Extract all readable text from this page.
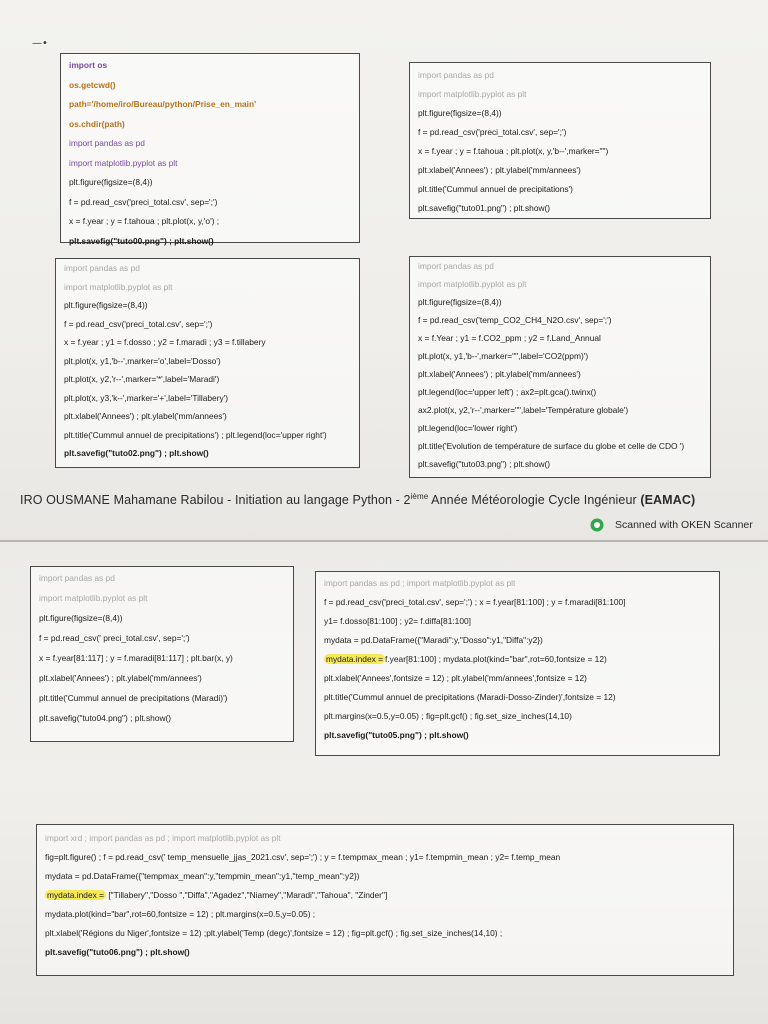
—•
import os
os.getcwd()
path='/home/iro/Bureau/python/Prise_en_main'
os.chdir(path)
import pandas as pd
import matplotlib.pyplot as plt
plt.figure(figsize=(8,4))
f = pd.read_csv('preci_total.csv', sep=';')
x = f.year ; y = f.tahoua ; plt.plot(x, y,'o') ;
plt.savefig("tuto00.png") ; plt.show()
import pandas as pd
import matplotlib.pyplot as plt
plt.figure(figsize=(8,4))
f = pd.read_csv('preci_total.csv', sep=';')
x = f.year ; y = f.tahoua ; plt.plot(x, y,'b--',marker="")
plt.xlabel('Annees') ; plt.ylabel('mm/annees')
plt.title('Cummul annuel de precipitations')
plt.savefig("tuto01.png") ; plt.show()
import pandas as pd
import matplotlib.pyplot as plt
plt.figure(figsize=(8,4))
f = pd.read_csv('preci_total.csv', sep=';')
x = f.year ; y1 = f.dosso ; y2 = f.maradi ; y3 = f.tillabery
plt.plot(x, y1,'b--',marker='o',label='Dosso')
plt.plot(x, y2,'r--',marker='*',label='Maradi')
plt.plot(x, y3,'k--',marker='+',label='Tillabery')
plt.xlabel('Annees') ; plt.ylabel('mm/annees')
plt.title('Cummul annuel de precipitations') ; plt.legend(loc='upper right')
plt.savefig("tuto02.png") ; plt.show()
import pandas as pd
import matplotlib.pyplot as plt
plt.figure(figsize=(8,4))
f = pd.read_csv('temp_CO2_CH4_N2O.csv', sep=';')
x = f.Year ; y1 = f.CO2_ppm ; y2 = f.Land_Annual
plt.plot(x, y1,'b--',marker="",label='CO2(ppm)')
plt.xlabel('Annees') ; plt.ylabel('mm/annees')
plt.legend(loc='upper left') ; ax2=plt.gca().twinx()
ax2.plot(x, y2,'r--',marker="",label='Température globale')
plt.legend(loc='lower right')
plt.title('Evolution de température de surface du globe et celle de CDO ')
plt.savefig("tuto03.png") ; plt.show()
IRO OUSMANE Mahamane Rabilou - Initiation au langage Python - 2ième Année Météorologie Cycle Ingénieur (EAMAC)
Scanned with OKEN Scanner
import pandas as pd
import matplotlib.pyplot as plt
plt.figure(figsize=(8,4))
f = pd.read_csv(' preci_total.csv', sep=';')
x = f.year[81:117] ; y = f.maradi[81:117] ; plt.bar(x, y)
plt.xlabel('Annees') ; plt.ylabel('mm/annees')
plt.title('Cummul annuel de precipitations (Maradi)')
plt.savefig("tuto04.png") ; plt.show()
import pandas as pd ; import matplotlib.pyplot as plt
f = pd.read_csv('preci_total.csv', sep=';') ; x = f.year[81:100] ; y = f.maradi[81:100]
y1= f.dosso[81:100] ; y2= f.diffa[81:100]
mydata = pd.DataFrame({"Maradi":y,"Dosso":y1,"Diffa":y2})
mydata.index = f.year[81:100] ; mydata.plot(kind="bar",rot=60,fontsize = 12)
plt.xlabel('Annees',fontsize = 12) ; plt.ylabel('mm/annees',fontsize = 12)
plt.title('Cummul annuel de precipitations (Maradi-Dosso-Zinder)',fontsize = 12)
plt.margins(x=0.5,y=0.05) ; fig=plt.gcf() ; fig.set_size_inches(14,10)
plt.savefig("tuto05.png") ; plt.show()
import xrd ; import pandas as pd ; import matplotlib.pyplot as plt
fig=plt.figure() ; f = pd.read_csv(' temp_mensuelle_jjas_2021.csv', sep=';') ; y = f.tempmax_mean ; y1= f.tempmin_mean ; y2= f.temp_mean
mydata = pd.DataFrame({"tempmax_mean":y,"tempmin_mean":y1,"temp_mean":y2})
mydata.index = ["Tillabery","Dosso ","Diffa","Agadez","Niamey","Maradi","Tahoua", "Zinder"]
mydata.plot(kind="bar",rot=60,fontsize = 12) ; plt.margins(x=0.5,y=0.05) ;
plt.xlabel('Régions du Niger',fontsize = 12) ;plt.ylabel('Temp (degc)',fontsize = 12) ; fig=plt.gcf() ; fig.set_size_inches(14,10) ;
plt.savefig("tuto06.png") ; plt.show()
